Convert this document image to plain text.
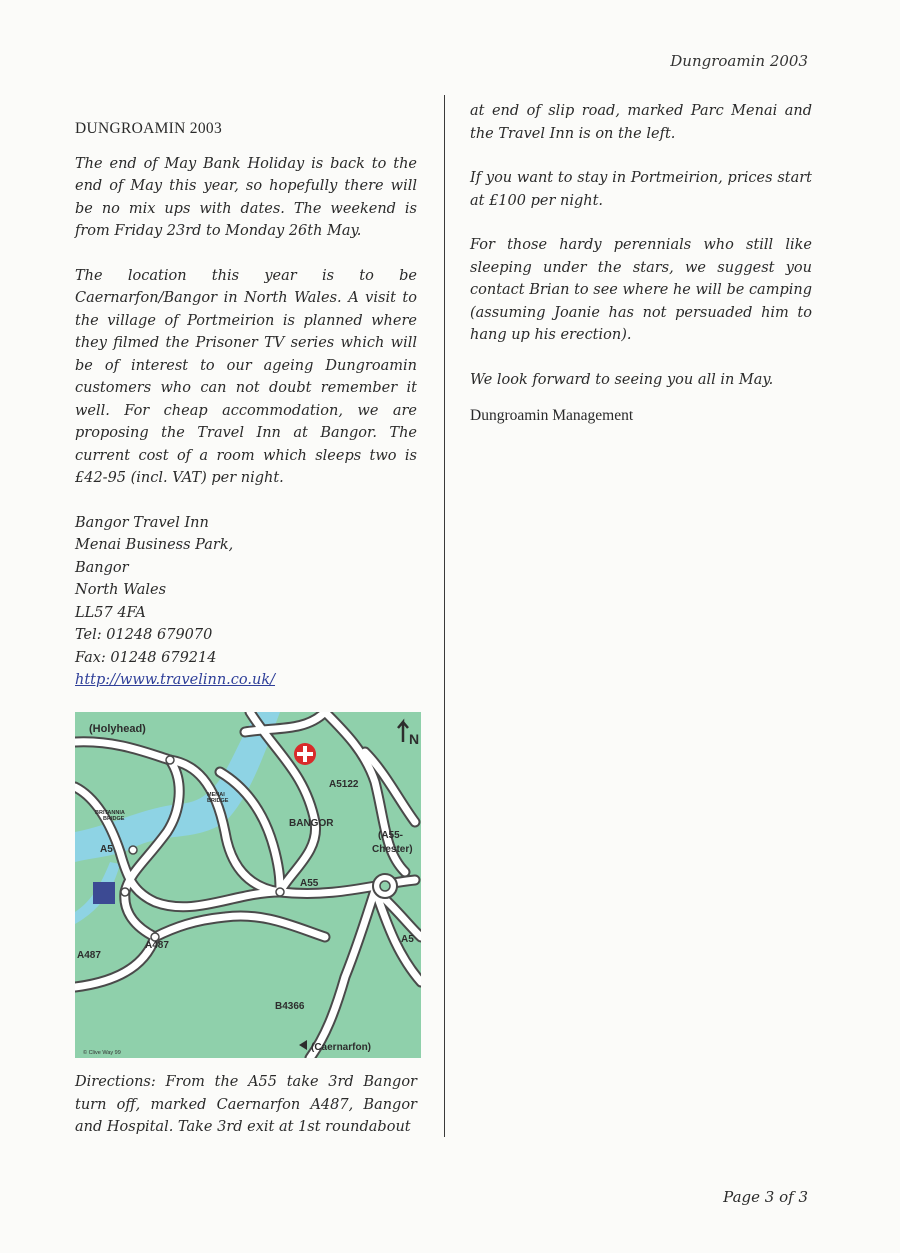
Dungroamin 2003
DUNGROAMIN 2003

The end of May Bank Holiday is back to the end of May this year, so hopefully there will be no mix ups with dates. The weekend is from Friday 23rd to Monday 26th May.

The location this year is to be Caernarfon/Bangor in North Wales. A visit to the village of Portmeirion is planned where they filmed the Prisoner TV series which will be of interest to our ageing Dungroamin customers who can not doubt remember it well. For cheap accommodation, we are proposing the Travel Inn at Bangor. The current cost of a room which sleeps two is £42-95 (incl. VAT) per night.

Bangor Travel Inn
Menai Business Park,
Bangor
North Wales
LL57 4FA
Tel: 01248 679070
Fax: 01248 679214
http://www.travelinn.co.uk/
N
(Holyhead)
A5122
BRITANNIA
BRIDGE
MENAI
BRIDGE
BANGOR
(A55-
Chester)
A5
A55
A5
A487
A487
B4366
(Caernarfon)
© Clive Way 99
Directions: From the A55 take 3rd Bangor turn off, marked Caernarfon A487, Bangor and Hospital. Take 3rd exit at 1st roundabout

at end of slip road, marked Parc Menai and the Travel Inn is on the left.

If you want to stay in Portmeirion, prices start at £100 per night.

For those hardy perennials who still like sleeping under the stars, we suggest you contact Brian to see where he will be camping (assuming Joanie has not persuaded him to hang up his erection).

We look forward to seeing you all in May.

Dungroamin Management
Page 3 of 3
